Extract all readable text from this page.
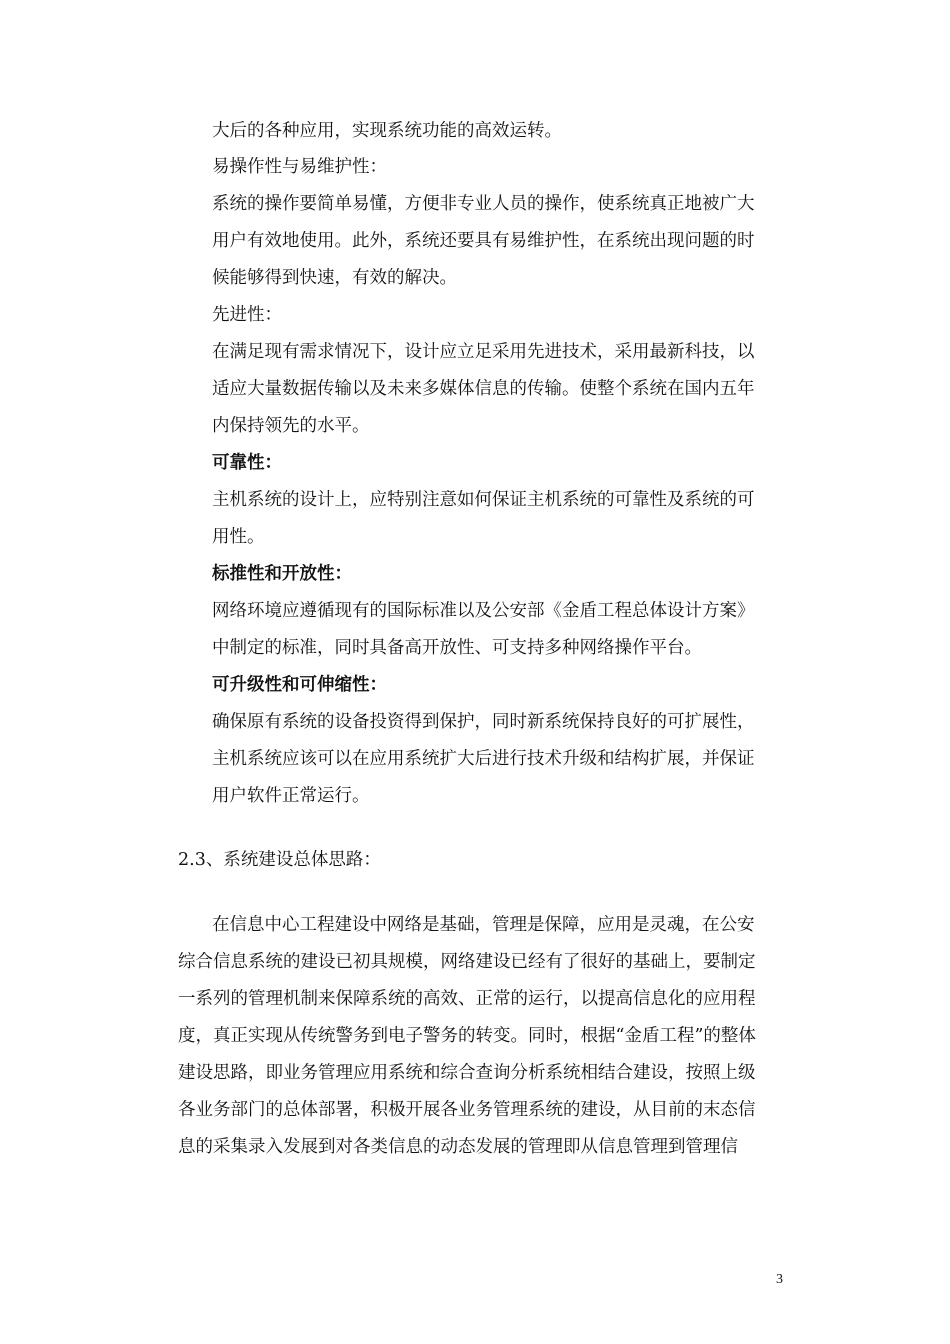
大后的各种应用，实现系统功能的高效运转。
易操作性与易维护性：
系统的操作要简单易懂，方便非专业人员的操作，使系统真正地被广大
用户有效地使用。此外，系统还要具有易维护性，在系统出现问题的时
候能够得到快速，有效的解决。
先进性：
在满足现有需求情况下，设计应立足采用先进技术，采用最新科技，以
适应大量数据传输以及未来多媒体信息的传输。使整个系统在国内五年
内保持领先的水平。
可靠性：
主机系统的设计上，应特别注意如何保证主机系统的可靠性及系统的可
用性。
标推性和开放性：
网络环境应遵循现有的国际标准以及公安部《金盾工程总体设计方案》
中制定的标准，同时具备高开放性、可支持多种网络操作平台。
可升级性和可伸缩性：
确保原有系统的设备投资得到保护，同时新系统保持良好的可扩展性，
主机系统应该可以在应用系统扩大后进行技术升级和结构扩展，并保证
用户软件正常运行。
2.3、系统建设总体思路：
在信息中心工程建设中网络是基础，管理是保障，应用是灵魂，在公安
综合信息系统的建设已初具规模，网络建设已经有了很好的基础上，要制定
一系列的管理机制来保障系统的高效、正常的运行，以提高信息化的应用程
度，真正实现从传统警务到电子警务的转变。同时，根据“金盾工程”的整体
建设思路，即业务管理应用系统和综合查询分析系统相结合建设，按照上级
各业务部门的总体部署，积极开展各业务管理系统的建设，从目前的末态信
息的采集录入发展到对各类信息的动态发展的管理即从信息管理到管理信
3
